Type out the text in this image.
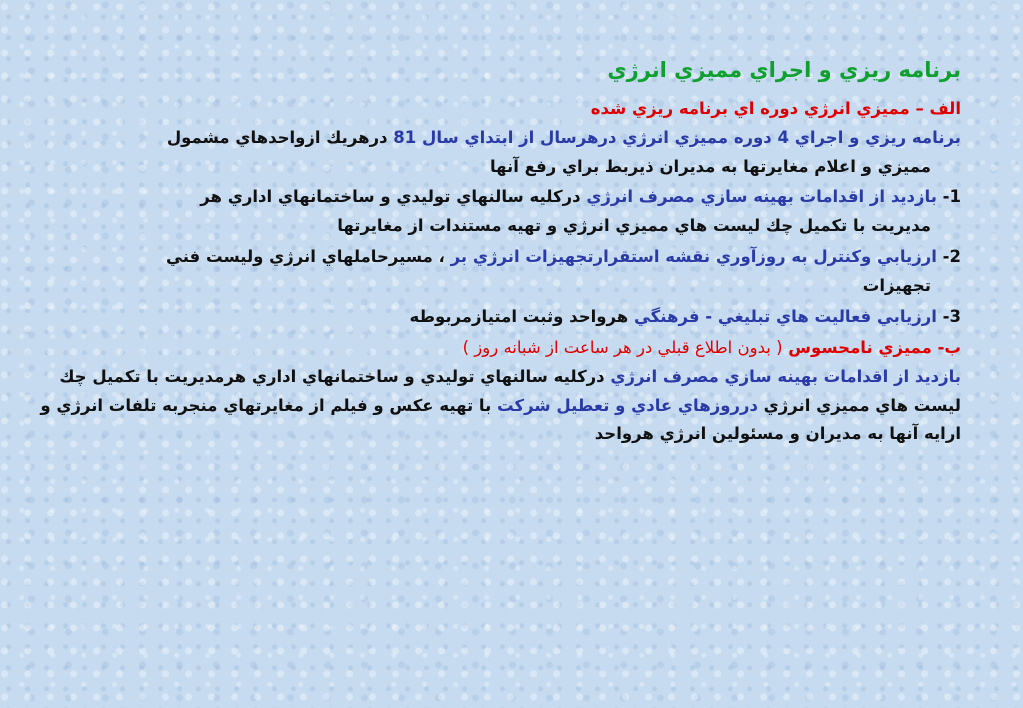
برنامه ريزي و اجراي مميزي انرژي

الف – مميزي انرژي دوره اي برنامه ريزي شده

برنامه ريزي و اجراي 4 دوره مميزي انرژي درهرسال از ابتداي سال 81 درهريك ازواحدهاي مشمول
مميزي و اعلام مغايرتها به مديران ذيربط براي رفع آنها

1- بازديد از اقدامات بهينه سازي مصرف انرژي دركليه سالنهاي توليدي و ساختمانهاي اداري هر
مديريت با تكميل چك ليست هاي مميزي انرژي و تهيه مستندات از مغايرتها

2- ارزيابي وكنترل به روزآوري نقشه استقرارتجهيزات انرژي بر ، مسيرحاملهاي انرژي وليست فني
تجهيزات

3- ارزيابي فعاليت هاي تبليغي - فرهنگي هرواحد وثبت امتيازمربوطه

ب- مميزي نامحسوس ( بدون اطلاع قبلي در هر ساعت از شبانه روز )

بازديد از اقدامات بهينه سازي مصرف انرژي دركليه سالنهاي توليدي و ساختمانهاي اداري هرمديريت با تكميل چك ليست هاي مميزي انرژي درروزهاي عادي و تعطيل شركت با تهيه عكس و فيلم از مغايرتهاي منجربه تلفات انرژي و ارايه آنها به مديران و مسئولين انرژي هرواحد
